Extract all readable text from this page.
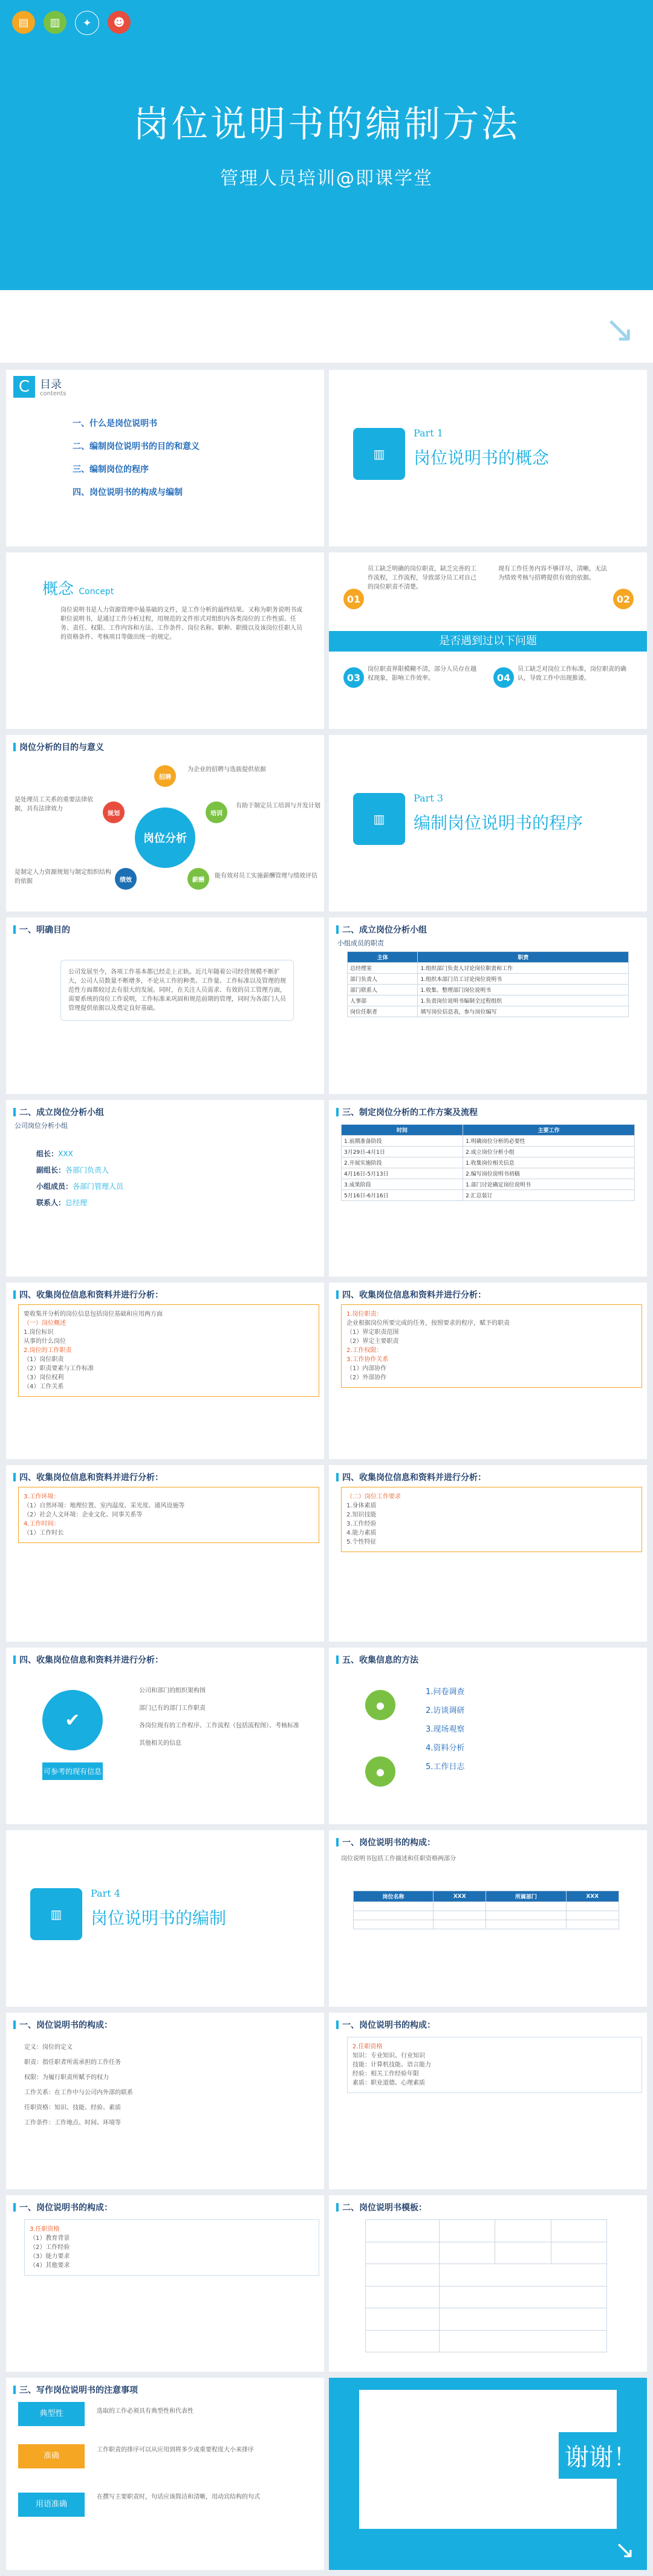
▤	▥	✦	☻
岗位说明书的编制方法
管理人员培训@即课学堂
↘
C 目录
contents
一、什么是岗位说明书
二、编制岗位说明书的目的和意义
三、编制岗位的程序
四、岗位说明书的构成与编制
▥
Part 1
岗位说明书的概念
概念 Concept
岗位说明书是人力资源管理中最基础的文件，是工作分析的最终结果。又称为职务说明书或职位说明书，是通过工作分析过程，用规范的文件形式对组织内各类岗位的工作性质、任务、责任、权限、工作内容和方法、工作条件、岗位名称、职种、职级以及该岗位任职人员的资格条件、考核项目等做出统一的规定。
01
员工缺乏明确的岗位职责，缺乏完善的工作流程，工作流程，导致部分员工对自己的岗位职责不清楚。
02
现有工作任务内容不够详尽，清晰，无法为绩效考核与招聘提供有效的依据。
是否遇到过以下问题
03
岗位职责界限模糊不清，部分人员存在越权现象，影响工作效率。	04
员工缺乏对岗位工作标准，岗位职责的确认，导致工作中出现推诿。
岗位分析的目的与意义
岗位分析
招聘
培训
薪酬
绩效
规划
为企业的招聘与选拔提供依据
有助于制定员工培训与开发计划
能有效对员工实施薪酬管理与绩效评估
是处理员工关系的重要法律依据，具有法律效力
是制定人力资源规划与制定组织结构的依据
▥
Part 3
编制岗位说明书的程序
一、明确目的
公司发展至今，各项工作基本都已经走上正轨。近几年随着公司经营规模不断扩大，公司人员数量不断增多，不论从工作的种类、工作量、工作标准以及管理的规范性方面都较过去有很大的发展。同时，在关注人员需求、有效的员工管理方面，需要系统的岗位工作说明，工作标准来巩固和规范前期的管理，同时为各部门人员管理提供依据以及奠定良好基础。
二、成立岗位分析小组
小组成员的职责
主体	职责
总经理室	1.组织部门负责人讨论岗位职责和工作
部门负责人	1.组织本部门员工讨论岗位说明书
部门联系人	1.收集、整理部门岗位说明书
人事部	1.负责岗位说明书编制全过程组织
岗位任职者	填写岗位信息表，参与岗位编写
二、成立岗位分析小组
公司岗位分析小组
组长：XXX
副组长：各部门负责人
小组成员：各部门管理人员
联系人：总经理
三、制定岗位分析的工作方案及流程
时间	主要工作
1.前期准备阶段	1.明确岗位分析的必要性
3月29日-4月1日	2.成立岗位分析小组
2.开展实施阶段	1.收集岗位相关信息
4月16日-5月13日	2.编写岗位说明书初稿
3.成果阶段	1.部门讨论确定岗位说明书
5月16日-6月16日	2.汇总装订
四、收集岗位信息和资料并进行分析：
要收集并分析的岗位信息包括岗位基础和应用两方面
（一）岗位概述
1.岗位标识
从事的什么岗位
2.岗位的工作职责
（1）岗位职责
（2）职责要素与工作标准
（3）岗位权利
（4）工作关系
四、收集岗位信息和资料并进行分析：
1.岗位职责：
企业根据岗位所要完成的任务，按照要求的程序，赋予的职责
（1）界定职责范围
（2）界定主要职责
2.工作权限：
3.工作协作关系
（1）内部协作
（2）外部协作
四、收集岗位信息和资料并进行分析：
3.工作环境：
（1）自然环境：地理位置、室内温度、采光度、通风设施等
（2）社会人文环境：企业文化、同事关系等
4.工作时间：
（1）工作时长
四、收集岗位信息和资料并进行分析：
（二）岗位工作要求
1.身体素质
2.知识技能
3.工作经验
4.能力素质
5.个性特征
四、收集岗位信息和资料并进行分析：
✔
可参考的现有信息
公司和部门的组织架构图
部门已有的部门工作职责
各岗位现有的工作程序、工作流程（包括流程图）、考核标准
其他相关的信息
五、收集信息的方法
●
●
1.问卷调查
2.访谈调研
3.现场观察
4.资料分析
5.工作日志
▥
Part 4
岗位说明书的编制
一、岗位说明书的构成：
岗位说明书包括工作描述和任职资格两部分
岗位名称	XXX	所属部门	XXX

一、岗位说明书的构成：
定义：岗位的定义
职责：指任职者所需承担的工作任务
权限：为履行职责所赋予的权力
工作关系：在工作中与公司内外部的联系
任职资格：知识、技能、经验、素质
工作条件：工作地点、时间、环境等
一、岗位说明书的构成：
2.任职资格
知识：专业知识、行业知识
技能：计算机技能、语言能力
经验：相关工作经验年限
素质：职业道德、心理素质
一、岗位说明书的构成：
3.任职资格
（1）教育背景
（2）工作经验
（3）能力要求
（4）其他要求
二、岗位说明书模板：

三、写作岗位说明书的注意事项
典型性	选取的工作必须具有典型性和代表性
准确
工作职责的排序可以从应用到将多少或重要程度大小来排序
用语准确
在撰写主要职责时，句话应该简洁和清晰，用动宾结构的句式
谢谢！
↘
